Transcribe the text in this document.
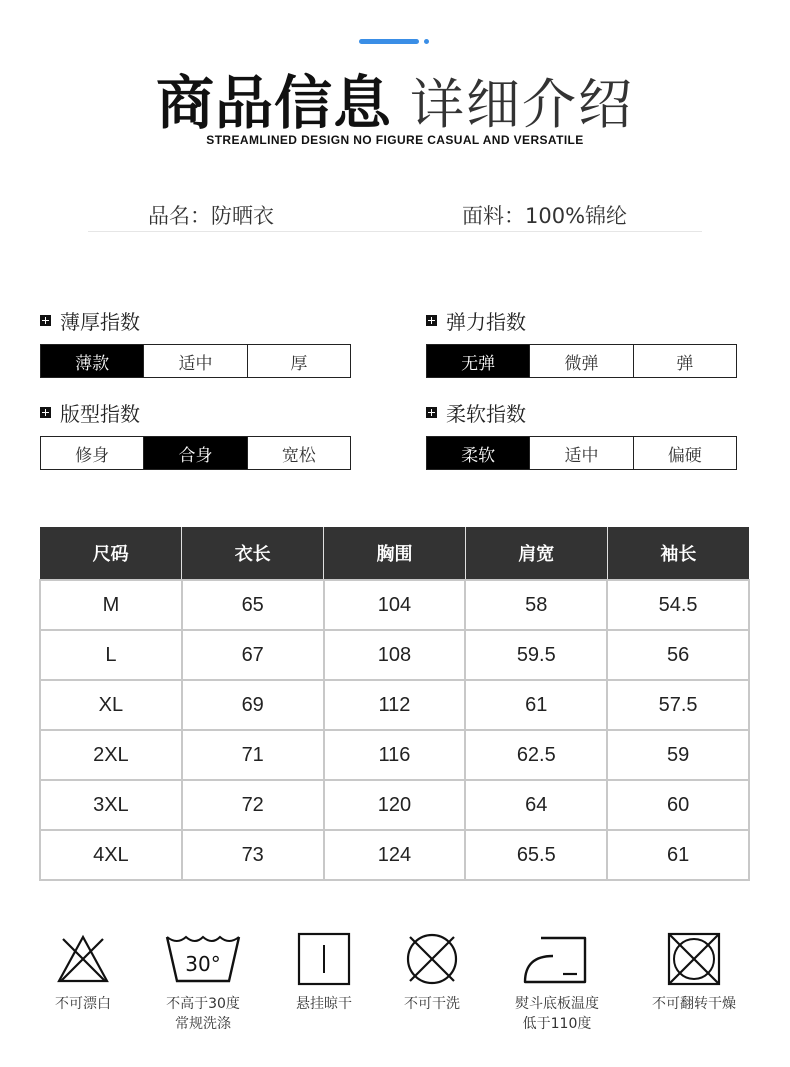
商品信息 详细介绍
STREAMLINED DESIGN NO FIGURE CASUAL AND VERSATILE
品名：防晒衣	面料：100%锦纶
薄厚指数
薄款	适中	厚
弹力指数
无弹	微弹	弹
版型指数
修身	合身	宽松
柔软指数
柔软	适中	偏硬
尺码	衣长	胸围	肩宽	袖长
M	65	104	58	54.5
L	67	108	59.5	56
XL	69	112	61	57.5
2XL	71	116	62.5	59
3XL	72	120	64	60
4XL	73	124	65.5	61
不可漂白
30°
不高于30度
常规洗涤
悬挂晾干	不可干洗	熨斗底板温度
低于110度
不可翻转干燥
